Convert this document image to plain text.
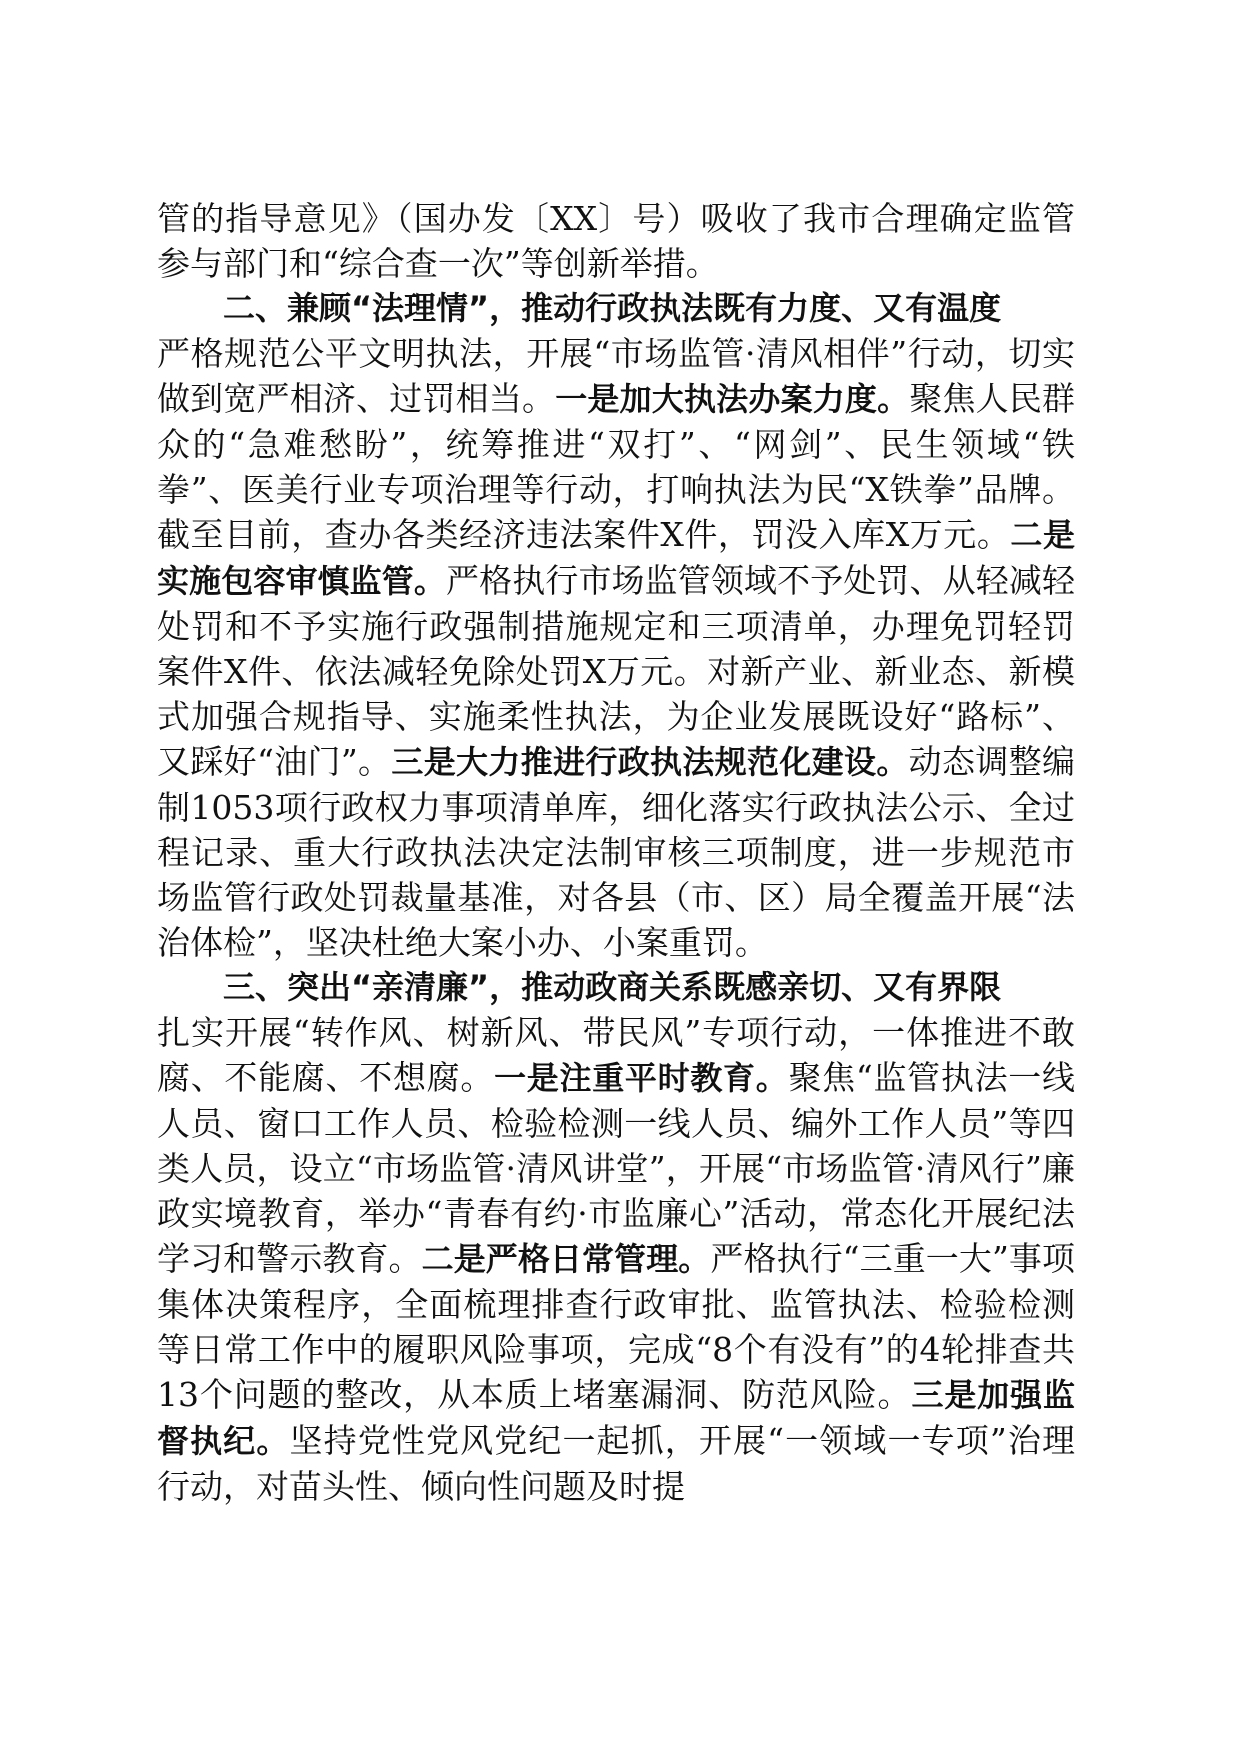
管的指导意见》（国办发〔XX〕号）吸收了我市合理确定监管参与部门和“综合查一次”等创新举措。

二、兼顾“法理情”，推动行政执法既有力度、又有温度

严格规范公平文明执法，开展“市场监管·清风相伴”行动，切实做到宽严相济、过罚相当。一是加大执法办案力度。聚焦人民群众的“急难愁盼”，统筹推进“双打”、“网剑”、民生领域“铁拳”、医美行业专项治理等行动，打响执法为民“X铁拳”品牌。截至目前，查办各类经济违法案件X件，罚没入库X万元。二是实施包容审慎监管。严格执行市场监管领域不予处罚、从轻减轻处罚和不予实施行政强制措施规定和三项清单，办理免罚轻罚案件X件、依法减轻免除处罚X万元。对新产业、新业态、新模式加强合规指导、实施柔性执法，为企业发展既设好“路标”、又踩好“油门”。三是大力推进行政执法规范化建设。动态调整编制1053项行政权力事项清单库，细化落实行政执法公示、全过程记录、重大行政执法决定法制审核三项制度，进一步规范市场监管行政处罚裁量基准，对各县（市、区）局全覆盖开展“法治体检”，坚决杜绝大案小办、小案重罚。

三、突出“亲清廉”，推动政商关系既感亲切、又有界限

扎实开展“转作风、树新风、带民风”专项行动，一体推进不敢腐、不能腐、不想腐。一是注重平时教育。聚焦“监管执法一线人员、窗口工作人员、检验检测一线人员、编外工作人员”等四类人员，设立“市场监管·清风讲堂”，开展“市场监管·清风行”廉政实境教育，举办“青春有约·市监廉心”活动，常态化开展纪法学习和警示教育。二是严格日常管理。严格执行“三重一大”事项集体决策程序，全面梳理排查行政审批、监管执法、检验检测等日常工作中的履职风险事项，完成“8个有没有”的4轮排查共13个问题的整改，从本质上堵塞漏洞、防范风险。三是加强监督执纪。坚持党性党风党纪一起抓，开展“一领域一专项”治理行动，对苗头性、倾向性问题及时提
